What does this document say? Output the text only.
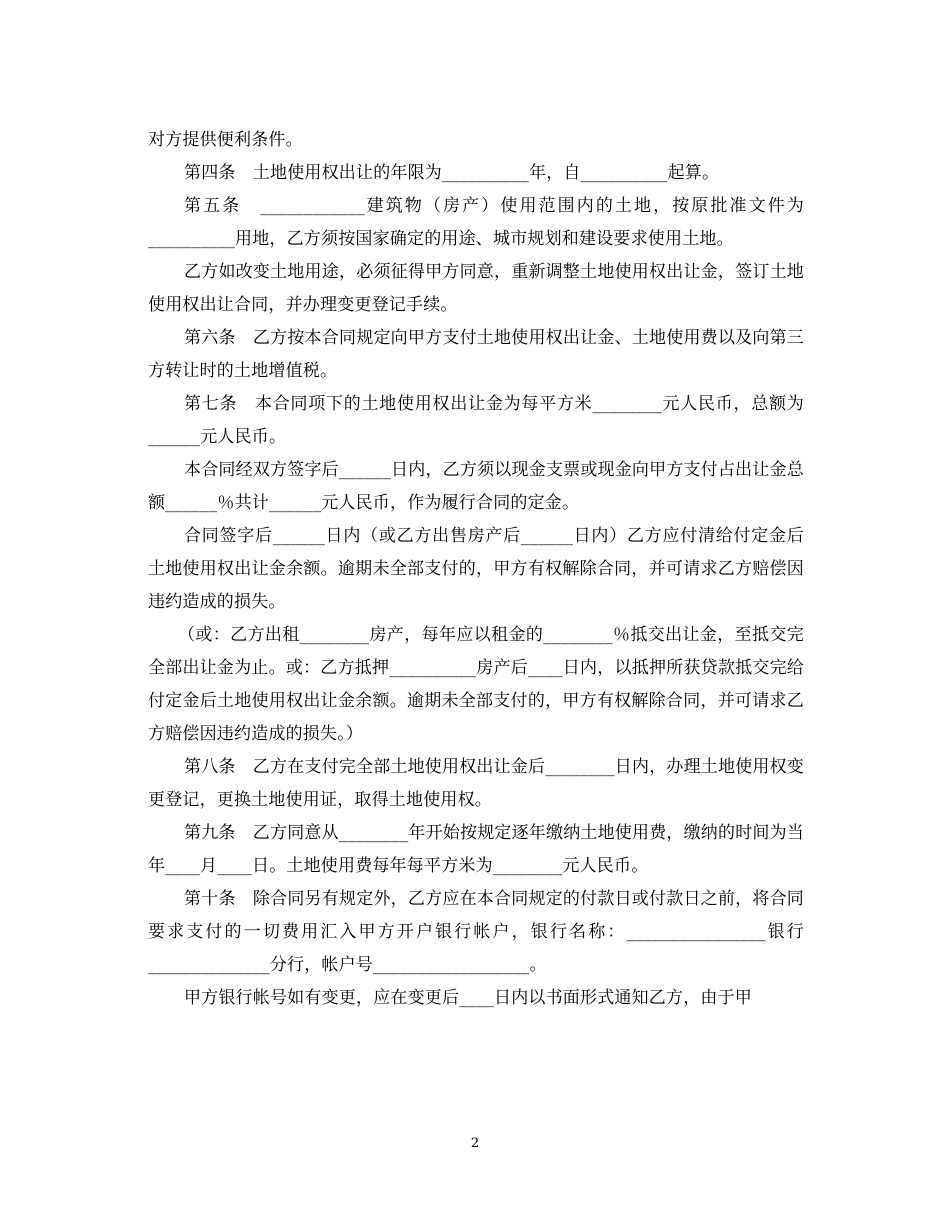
对方提供便利条件。

第四条　土地使用权出让的年限为__________年，自__________起算。

第五条　____________建筑物（房产）使用范围内的土地，按原批准文件为__________用地，乙方须按国家确定的用途、城市规划和建设要求使用土地。

乙方如改变土地用途，必须征得甲方同意，重新调整土地使用权出让金，签订土地使用权出让合同，并办理变更登记手续。

第六条　乙方按本合同规定向甲方支付土地使用权出让金、土地使用费以及向第三方转让时的土地增值税。

第七条　本合同项下的土地使用权出让金为每平方米________元人民币，总额为______元人民币。

本合同经双方签字后______日内，乙方须以现金支票或现金向甲方支付占出让金总额______％共计______元人民币，作为履行合同的定金。

合同签字后______日内（或乙方出售房产后______日内）乙方应付清给付定金后土地使用权出让金余额。逾期未全部支付的，甲方有权解除合同，并可请求乙方赔偿因违约造成的损失。

（或：乙方出租________房产，每年应以租金的________％抵交出让金，至抵交完全部出让金为止。或：乙方抵押__________房产后____日内，以抵押所获贷款抵交完给付定金后土地使用权出让金余额。逾期未全部支付的，甲方有权解除合同，并可请求乙方赔偿因违约造成的损失。）

第八条　乙方在支付完全部土地使用权出让金后________日内，办理土地使用权变更登记，更换土地使用证，取得土地使用权。

第九条　乙方同意从________年开始按规定逐年缴纳土地使用费，缴纳的时间为当年____月____日。土地使用费每年每平方米为________元人民币。

第十条　除合同另有规定外，乙方应在本合同规定的付款日或付款日之前，将合同要求支付的一切费用汇入甲方开户银行帐户，银行名称：________________银行______________分行，帐户号__________________。

甲方银行帐号如有变更，应在变更后____日内以书面形式通知乙方，由于甲

2
